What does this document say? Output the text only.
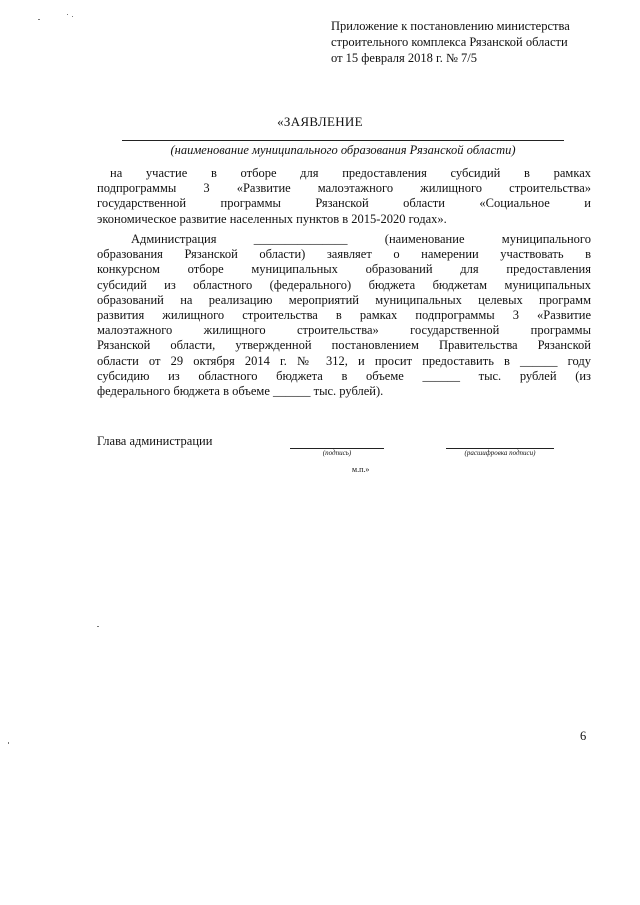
Приложение к постановлению министерства
строительного комплекса Рязанской области
от 15 февраля 2018 г. № 7/5
«ЗАЯВЛЕНИЕ
(наименование муниципального образования Рязанской области)
на участие в отборе для предоставления субсидий в рамках
подпрограммы 3 «Развитие малоэтажного жилищного строительства»
государственной программы Рязанской области «Социальное и
экономическое развитие населенных пунктов в 2015-2020 годах».
Администрация _______________ (наименование муниципального
образования Рязанской области) заявляет о намерении участвовать в
конкурсном отборе муниципальных образований для предоставления
субсидий из областного (федерального) бюджета бюджетам муниципальных
образований на реализацию мероприятий муниципальных целевых программ
развития жилищного строительства в рамках подпрограммы 3 «Развитие
малоэтажного жилищного строительства» государственной программы
Рязанской области, утвержденной постановлением Правительства Рязанской
области от 29 октября 2014 г. № 312, и просит предоставить в ______ году
субсидию из областного бюджета в объеме ______ тыс. рублей (из
федерального бюджета в объеме ______ тыс. рублей).
Глава администрации
(подпись)	(расшифровка подписи)
м.п.»
6
